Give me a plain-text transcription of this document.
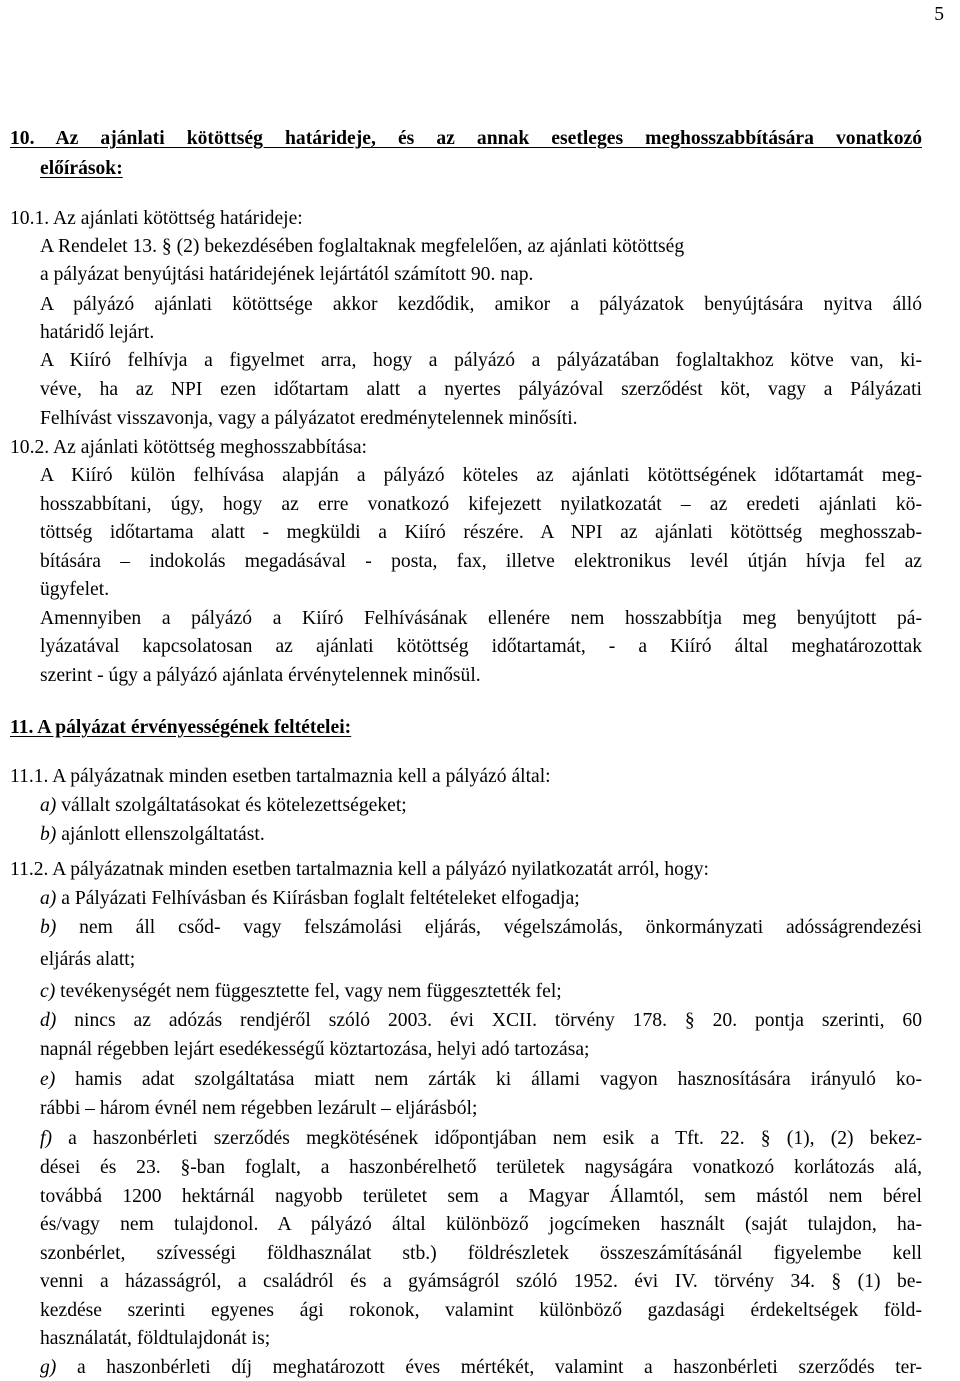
5
10. Az ajánlati kötöttség határideje, és az annak esetleges meghosszabbítására vonatkozó
előírások:
10.1. Az ajánlati kötöttség határideje:
A Rendelet 13. § (2) bekezdésében foglaltaknak megfelelően, az ajánlati kötöttség
a pályázat benyújtási határidejének lejártától számított 90. nap.
A pályázó ajánlati kötöttsége akkor kezdődik, amikor a pályázatok benyújtására nyitva álló
határidő lejárt.
A Kiíró felhívja a figyelmet arra, hogy a pályázó a pályázatában foglaltakhoz kötve van, ki-
véve, ha az NPI ezen időtartam alatt a nyertes pályázóval szerződést köt, vagy a Pályázati
Felhívást visszavonja, vagy a pályázatot eredménytelennek minősíti.
10.2. Az ajánlati kötöttség meghosszabbítása:
A Kiíró külön felhívása alapján a pályázó köteles az ajánlati kötöttségének időtartamát meg-
hosszabbítani, úgy, hogy az erre vonatkozó kifejezett nyilatkozatát – az eredeti ajánlati kö-
töttség időtartama alatt - megküldi a Kiíró részére. A NPI az ajánlati kötöttség meghosszab-
bítására – indokolás megadásával - posta, fax, illetve elektronikus levél útján hívja fel az
ügyfelet.
Amennyiben a pályázó a Kiíró Felhívásának ellenére nem hosszabbítja meg benyújtott pá-
lyázatával kapcsolatosan az ajánlati kötöttség időtartamát, - a Kiíró által meghatározottak
szerint - úgy a pályázó ajánlata érvénytelennek minősül.
11. A pályázat érvényességének feltételei:
11.1. A pályázatnak minden esetben tartalmaznia kell a pályázó által:
a) vállalt szolgáltatásokat és kötelezettségeket;
b) ajánlott ellenszolgáltatást.
11.2. A pályázatnak minden esetben tartalmaznia kell a pályázó nyilatkozatát arról, hogy:
a) a Pályázati Felhívásban és Kiírásban foglalt feltételeket elfogadja;
b) nem áll csőd- vagy felszámolási eljárás, végelszámolás, önkormányzati adósságrendezési
eljárás alatt;
c) tevékenységét nem függesztette fel, vagy nem függesztették fel;
d) nincs az adózás rendjéről szóló 2003. évi XCII. törvény 178. § 20. pontja szerinti, 60
napnál régebben lejárt esedékességű köztartozása, helyi adó tartozása;
e) hamis adat szolgáltatása miatt nem zárták ki állami vagyon hasznosítására irányuló ko-
rábbi – három évnél nem régebben lezárult – eljárásból;
f) a haszonbérleti szerződés megkötésének időpontjában nem esik a Tft. 22. § (1), (2) bekez-
dései és 23. §-ban foglalt, a haszonbérelhető területek nagyságára vonatkozó korlátozás alá,
továbbá 1200 hektárnál nagyobb területet sem a Magyar Államtól, sem mástól nem bérel
és/vagy nem tulajdonol. A pályázó által különböző jogcímeken használt (saját tulajdon, ha-
szonbérlet, szívességi földhasználat stb.) földrészletek összeszámításánál figyelembe kell
venni a házasságról, a családról és a gyámságról szóló 1952. évi IV. törvény 34. § (1) be-
kezdése szerinti egyenes ági rokonok, valamint különböző gazdasági érdekeltségek föld-
használatát, földtulajdonát is;
g) a haszonbérleti díj meghatározott éves mértékét, valamint a haszonbérleti szerződés ter-
